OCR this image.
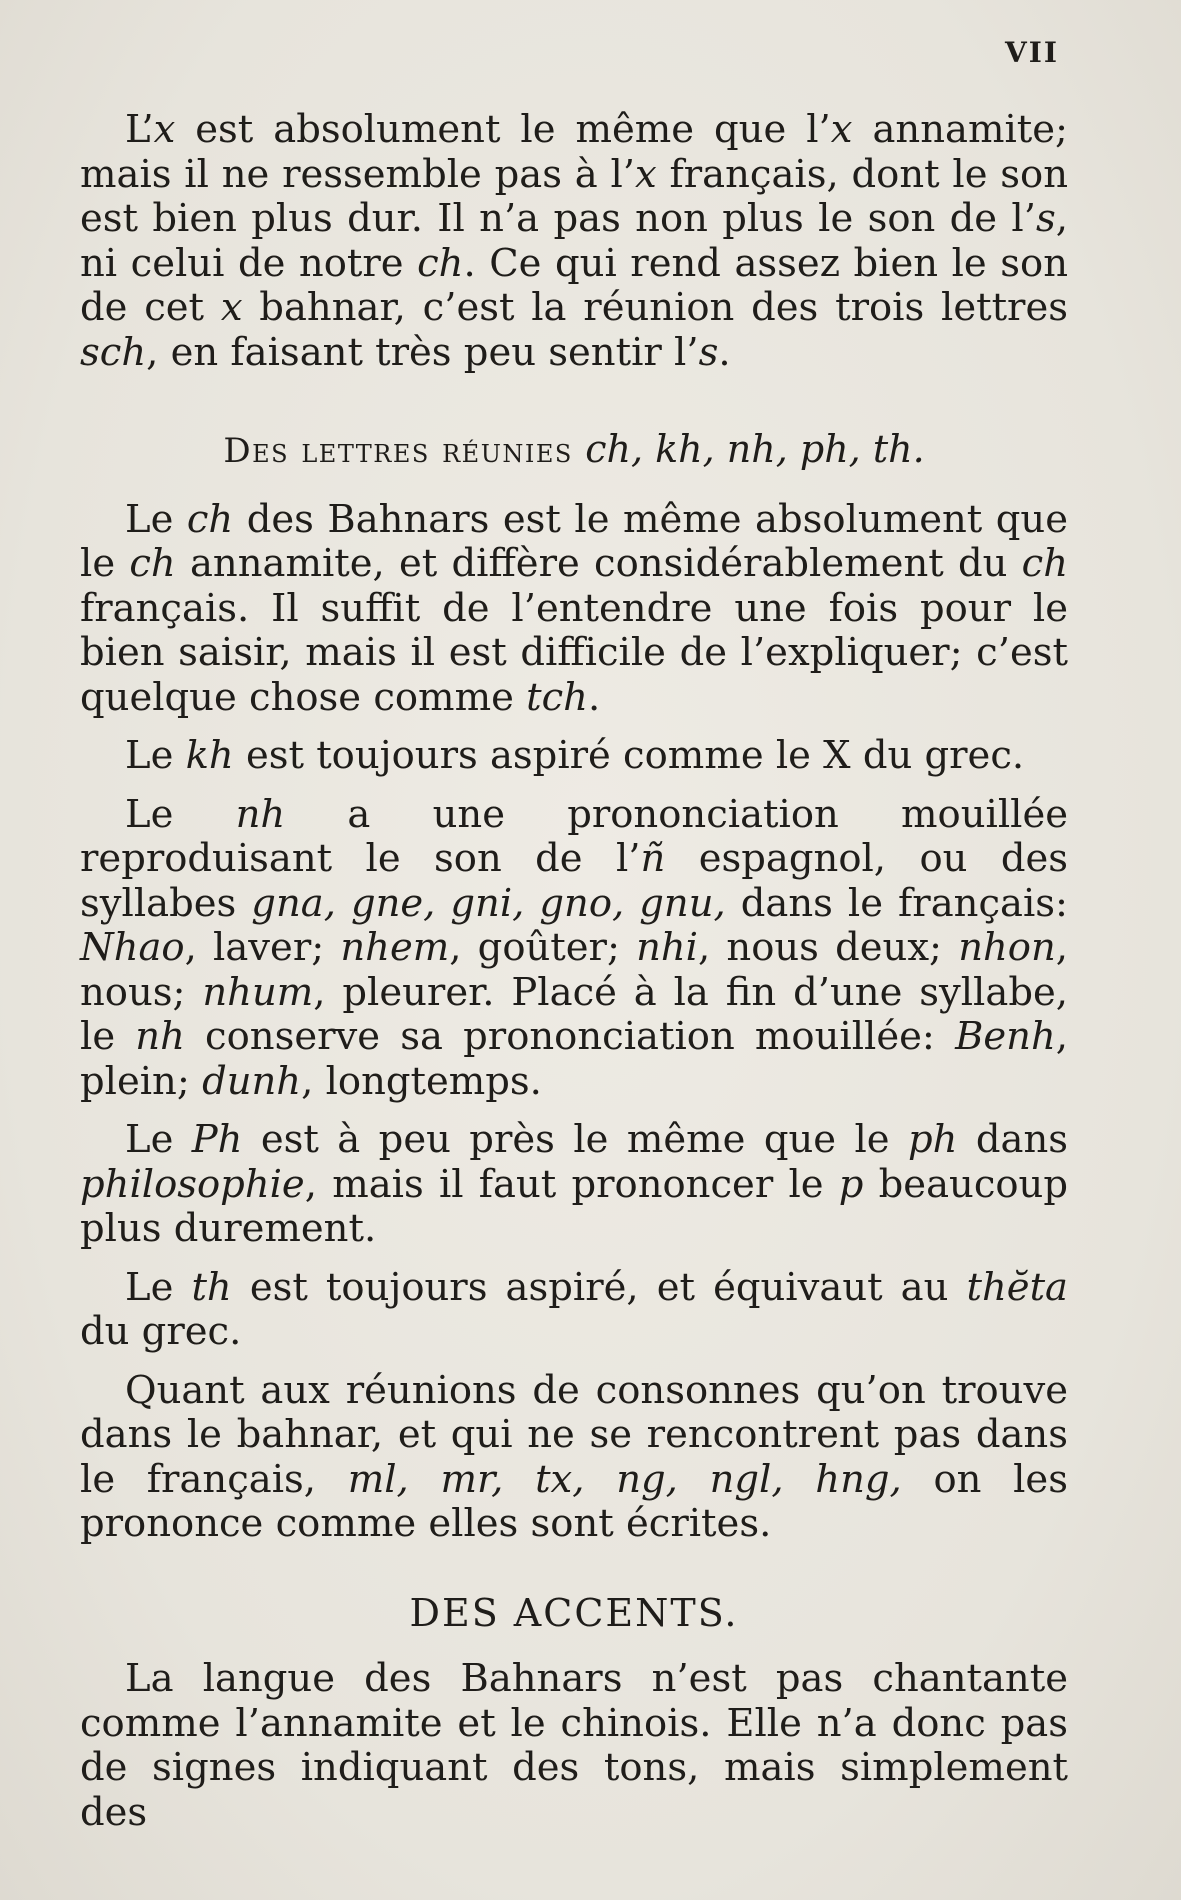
VII

L’x est absolument le même que l’x annamite; mais il ne ressemble pas à l’x français, dont le son est bien plus dur. Il n’a pas non plus le son de l’s, ni celui de notre ch. Ce qui rend assez bien le son de cet x bahnar, c’est la réunion des trois lettres sch, en faisant très peu sentir l’s.

Des lettres réunies ch, kh, nh, ph, th.

Le ch des Bahnars est le même absolument que le ch annamite, et diffère considérablement du ch français. Il suffit de l’entendre une fois pour le bien saisir, mais il est difficile de l’expliquer; c’est quelque chose comme tch.

Le kh est toujours aspiré comme le X du grec.

Le nh a une prononciation mouillée reproduisant le son de l’ñ espagnol, ou des syllabes gna, gne, gni, gno, gnu, dans le français: Nhao, laver; nhem, goûter; nhi, nous deux; nhon, nous; nhum, pleurer. Placé à la fin d’une syllabe, le nh conserve sa prononciation mouillée: Benh, plein; dunh, longtemps.

Le Ph est à peu près le même que le ph dans philosophie, mais il faut prononcer le p beaucoup plus durement.

Le th est toujours aspiré, et équivaut au thĕta du grec.

Quant aux réunions de consonnes qu’on trouve dans le bahnar, et qui ne se rencontrent pas dans le français, ml, mr, tx, ng, ngl, hng, on les prononce comme elles sont écrites.

DES ACCENTS.

La langue des Bahnars n’est pas chantante comme l’annamite et le chinois. Elle n’a donc pas de signes indiquant des tons, mais simplement des
